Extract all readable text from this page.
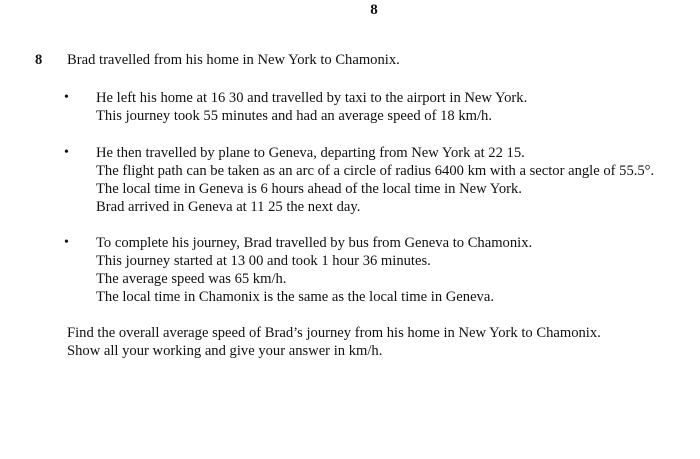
8
8 Brad travelled from his home in New York to Chamonix.
• He left his home at 16 30 and travelled by taxi to the airport in New York.
This journey took 55 minutes and had an average speed of 18 km/h.
• He then travelled by plane to Geneva, departing from New York at 22 15.
The flight path can be taken as an arc of a circle of radius 6400 km with a sector angle of 55.5°.
The local time in Geneva is 6 hours ahead of the local time in New York.
Brad arrived in Geneva at 11 25 the next day.
• To complete his journey, Brad travelled by bus from Geneva to Chamonix.
This journey started at 13 00 and took 1 hour 36 minutes.
The average speed was 65 km/h.
The local time in Chamonix is the same as the local time in Geneva.
Find the overall average speed of Brad’s journey from his home in New York to Chamonix.
Show all your working and give your answer in km/h.
